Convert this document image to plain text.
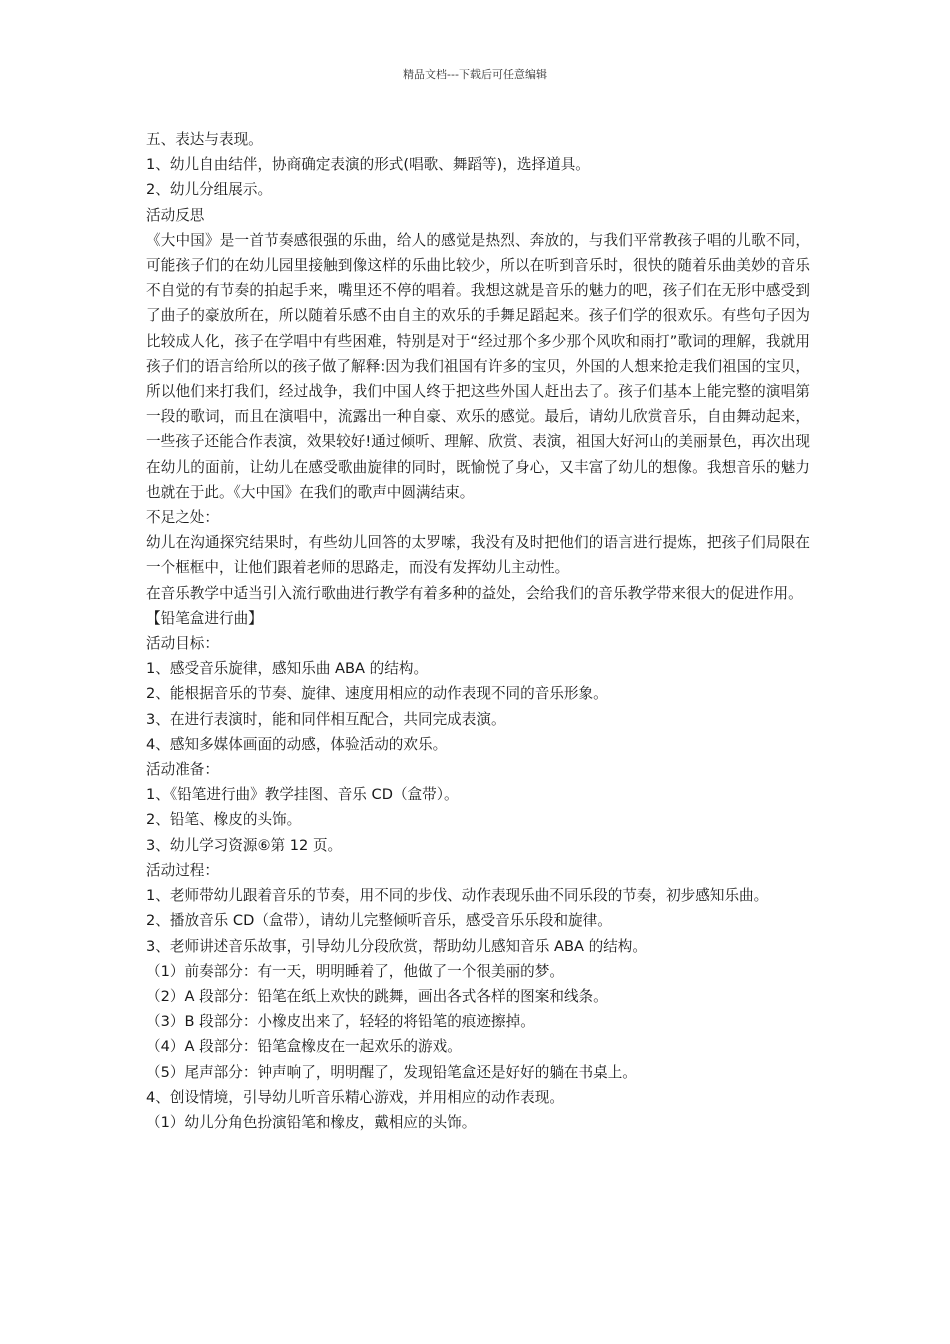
精品文档---下载后可任意编辑

五、表达与表现。

1、幼儿自由结伴，协商确定表演的形式(唱歌、舞蹈等)，选择道具。

2、幼儿分组展示。

活动反思

《大中国》是一首节奏感很强的乐曲，给人的感觉是热烈、奔放的，与我们平常教孩子唱的儿歌不同，可能孩子们的在幼儿园里接触到像这样的乐曲比较少，所以在听到音乐时，很快的随着乐曲美妙的音乐不自觉的有节奏的拍起手来，嘴里还不停的唱着。我想这就是音乐的魅力的吧，孩子们在无形中感受到了曲子的豪放所在，所以随着乐感不由自主的欢乐的手舞足蹈起来。孩子们学的很欢乐。有些句子因为比较成人化，孩子在学唱中有些困难，特别是对于“经过那个多少那个风吹和雨打”歌词的理解，我就用孩子们的语言给所以的孩子做了解释:因为我们祖国有许多的宝贝，外国的人想来抢走我们祖国的宝贝，所以他们来打我们，经过战争，我们中国人终于把这些外国人赶出去了。孩子们基本上能完整的演唱第一段的歌词，而且在演唱中，流露出一种自豪、欢乐的感觉。最后，请幼儿欣赏音乐，自由舞动起来，一些孩子还能合作表演，效果较好!通过倾听、理解、欣赏、表演，祖国大好河山的美丽景色，再次出现在幼儿的面前，让幼儿在感受歌曲旋律的同时，既愉悦了身心，又丰富了幼儿的想像。我想音乐的魅力也就在于此。《大中国》在我们的歌声中圆满结束。

不足之处：

幼儿在沟通探究结果时，有些幼儿回答的太罗嗦，我没有及时把他们的语言进行提炼，把孩子们局限在一个框框中，让他们跟着老师的思路走，而没有发挥幼儿主动性。

在音乐教学中适当引入流行歌曲进行教学有着多种的益处，会给我们的音乐教学带来很大的促进作用。

【铅笔盒进行曲】

活动目标：

1、感受音乐旋律，感知乐曲 ABA 的结构。

2、能根据音乐的节奏、旋律、速度用相应的动作表现不同的音乐形象。

3、在进行表演时，能和同伴相互配合，共同完成表演。

4、感知多媒体画面的动感，体验活动的欢乐。

活动准备：

1、《铅笔进行曲》教学挂图、音乐 CD（盒带）。

2、铅笔、橡皮的头饰。

3、幼儿学习资源⑥第 12 页。

活动过程：

1、老师带幼儿跟着音乐的节奏，用不同的步伐、动作表现乐曲不同乐段的节奏，初步感知乐曲。

2、播放音乐 CD（盒带），请幼儿完整倾听音乐，感受音乐乐段和旋律。

3、老师讲述音乐故事，引导幼儿分段欣赏，帮助幼儿感知音乐 ABA 的结构。

（1）前奏部分：有一天，明明睡着了，他做了一个很美丽的梦。

（2）A 段部分：铅笔在纸上欢快的跳舞，画出各式各样的图案和线条。

（3）B 段部分：小橡皮出来了，轻轻的将铅笔的痕迹擦掉。

（4）A 段部分：铅笔盒橡皮在一起欢乐的游戏。

（5）尾声部分：钟声响了，明明醒了，发现铅笔盒还是好好的躺在书桌上。

4、创设情境，引导幼儿听音乐精心游戏，并用相应的动作表现。

（1）幼儿分角色扮演铅笔和橡皮，戴相应的头饰。
